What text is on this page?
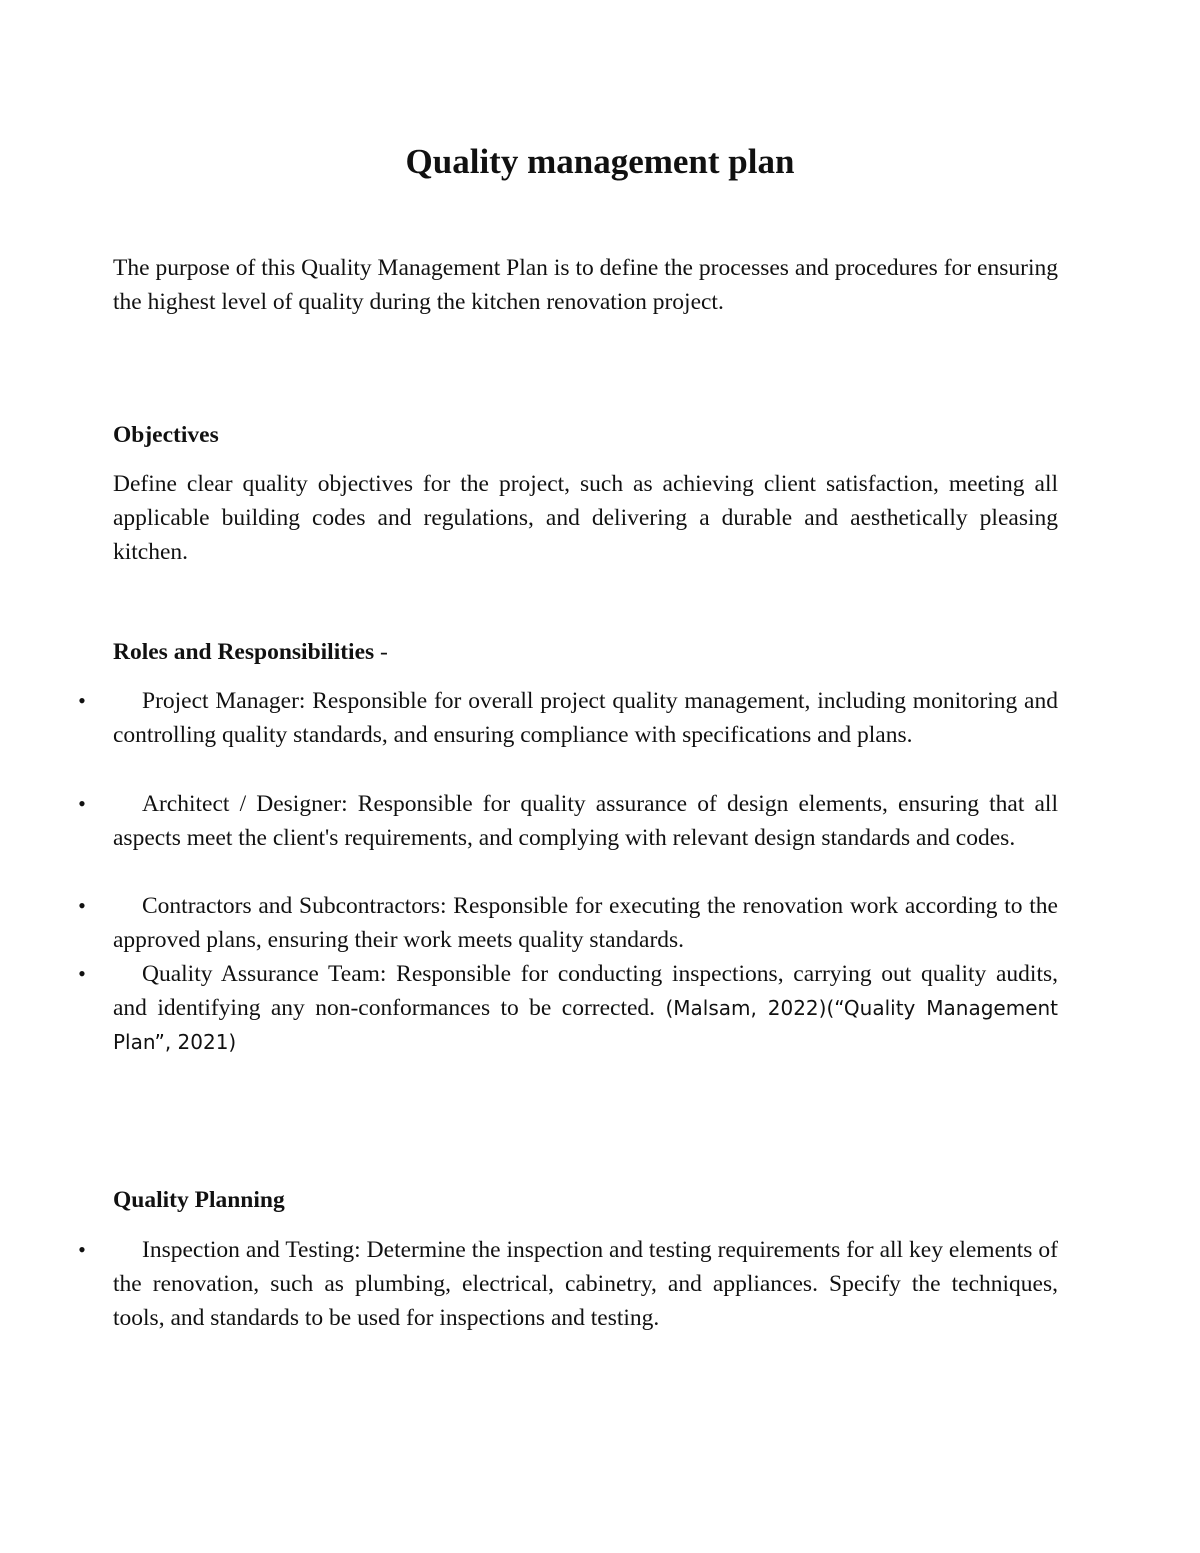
Quality management plan
The purpose of this Quality Management Plan is to define the processes and procedures for ensuring the highest level of quality during the kitchen renovation project.
Objectives
Define clear quality objectives for the project, such as achieving client satisfaction, meeting all applicable building codes and regulations, and delivering a durable and aesthetically pleasing kitchen.
Roles and Responsibilities -
•	Project Manager: Responsible for overall project quality management, including monitoring and controlling quality standards, and ensuring compliance with specifications and plans.
•	Architect / Designer: Responsible for quality assurance of design elements, ensuring that all aspects meet the client's requirements, and complying with relevant design standards and codes.
•	Contractors and Subcontractors: Responsible for executing the renovation work according to the approved plans, ensuring their work meets quality standards.
•	Quality Assurance Team: Responsible for conducting inspections, carrying out quality audits, and identifying any non-conformances to be corrected. (Malsam, 2022)(“Quality Management Plan”, 2021)
Quality Planning
•	Inspection and Testing: Determine the inspection and testing requirements for all key elements of the renovation, such as plumbing, electrical, cabinetry, and appliances. Specify the techniques, tools, and standards to be used for inspections and testing.
